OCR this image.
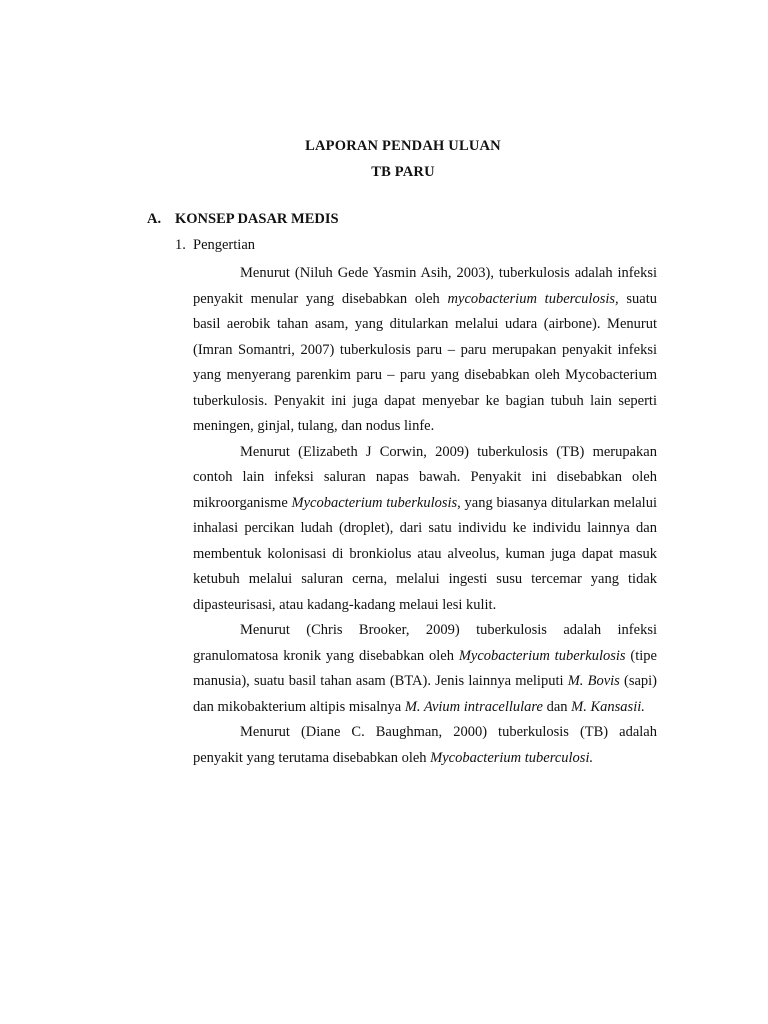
LAPORAN PENDAH ULUAN
TB PARU
A. KONSEP DASAR MEDIS
1. Pengertian

Menurut (Niluh Gede Yasmin Asih, 2003), tuberkulosis adalah infeksi penyakit menular yang disebabkan oleh mycobacterium tuberculosis, suatu basil aerobik tahan asam, yang ditularkan melalui udara (airbone). Menurut (Imran Somantri, 2007) tuberkulosis paru – paru merupakan penyakit infeksi yang menyerang parenkim paru – paru yang disebabkan oleh Mycobacterium tuberkulosis. Penyakit ini juga dapat menyebar ke bagian tubuh lain seperti meningen, ginjal, tulang, dan nodus linfe.

Menurut (Elizabeth J Corwin, 2009) tuberkulosis (TB) merupakan contoh lain infeksi saluran napas bawah. Penyakit ini disebabkan oleh mikroorganisme Mycobacterium tuberkulosis, yang biasanya ditularkan melalui inhalasi percikan ludah (droplet), dari satu individu ke individu lainnya dan membentuk kolonisasi di bronkiolus atau alveolus, kuman juga dapat masuk ketubuh melalui saluran cerna, melalui ingesti susu tercemar yang tidak dipasteurisasi, atau kadang-kadang melaui lesi kulit.

Menurut (Chris Brooker, 2009) tuberkulosis adalah infeksi granulomatosa kronik yang disebabkan oleh Mycobacterium tuberkulosis (tipe manusia), suatu basil tahan asam (BTA). Jenis lainnya meliputi M. Bovis (sapi) dan mikobakterium altipis misalnya M. Avium intracellulare dan M. Kansasii.

Menurut (Diane C. Baughman, 2000) tuberkulosis (TB) adalah penyakit yang terutama disebabkan oleh Mycobacterium tuberculosi.
